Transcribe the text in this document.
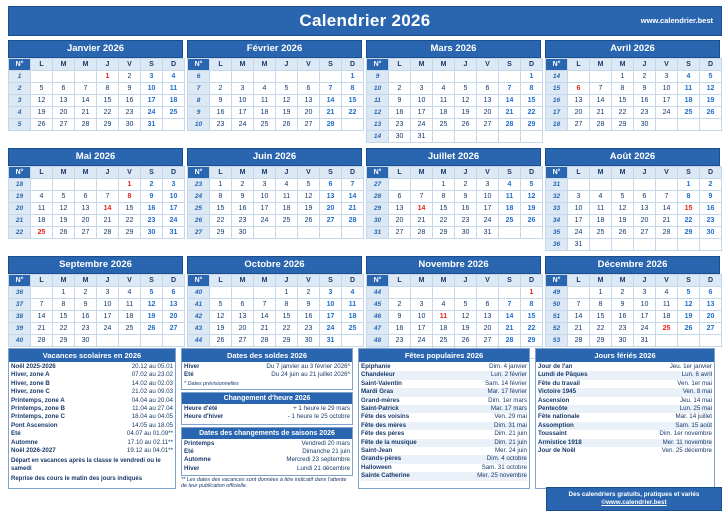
Calendrier 2026	www.calendrier.best
Janvier 2026
N°	L	M	M	J	V	S	D
1				1	2	3	4
2	5	6	7	8	9	10	11
3	12	13	14	15	16	17	18
4	19	20	21	22	23	24	25
5	26	27	28	29	30	31	
Février 2026
N°	L	M	M	J	V	S	D
6							1
7	2	3	4	5	6	7	8
8	9	10	11	12	13	14	15
9	16	17	18	19	20	21	22
10	23	24	25	26	27	28	
Mars 2026
N°	L	M	M	J	V	S	D
9							1
10	2	3	4	5	6	7	8
11	9	10	11	12	13	14	15
12	16	17	18	19	20	21	22
13	23	24	25	26	27	28	29
14	30	31					
Avril 2026
N°	L	M	M	J	V	S	D
14			1	2	3	4	5
15	6	7	8	9	10	11	12
16	13	14	15	16	17	18	19
17	20	21	22	23	24	25	26
18	27	28	29	30			
Mai 2026
N°	L	M	M	J	V	S	D
18					1	2	3
19	4	5	6	7	8	9	10
20	11	12	13	14	15	16	17
21	18	19	20	21	22	23	24
22	25	26	27	28	29	30	31
Juin 2026
N°	L	M	M	J	V	S	D
23	1	2	3	4	5	6	7
24	8	9	10	11	12	13	14
25	15	16	17	18	19	20	21
26	22	23	24	25	26	27	28
27	29	30					
Juillet 2026
N°	L	M	M	J	V	S	D
27			1	2	3	4	5
28	6	7	8	9	10	11	12
29	13	14	15	16	17	18	19
30	20	21	22	23	24	25	26
31	27	28	29	30	31		
Août 2026
N°	L	M	M	J	V	S	D
31						1	2
32	3	4	5	6	7	8	9
33	10	11	12	13	14	15	16
34	17	18	19	20	21	22	23
35	24	25	26	27	28	29	30
36	31						
Septembre 2026
N°	L	M	M	J	V	S	D
36		1	2	3	4	5	6
37	7	8	9	10	11	12	13
38	14	15	16	17	18	19	20
39	21	22	23	24	25	26	27
40	28	29	30				
Octobre 2026
N°	L	M	M	J	V	S	D
40				1	2	3	4
41	5	6	7	8	9	10	11
42	12	13	14	15	16	17	18
43	19	20	21	22	23	24	25
44	26	27	28	29	30	31	
Novembre 2026
N°	L	M	M	J	V	S	D
44							1
45	2	3	4	5	6	7	8
46	9	10	11	12	13	14	15
47	16	17	18	19	20	21	22
48	23	24	25	26	27	28	29

Décembre 2026
N°	L	M	M	J	V	S	D
49		1	2	3	4	5	6
50	7	8	9	10	11	12	13
51	14	15	16	17	18	19	20
52	21	22	23	24	25	26	27
53	28	29	30	31			
Vacances scolaires en 2026
Noël 2025-2026	20.12 au 05.01
Hiver, zone A	07.02 au 23.02
Hiver, zone B	14.02 au 02.03
Hiver, zone C	21.02 au 09.03
Printemps, zone A	04.04 au 20.04
Printemps, zone B	11.04 au 27.04
Printemps, zone C	18.04 au 04.05
Pont Ascension	14.05 au 18.05
Été	04.07 au 01.09**
Automne	17.10 au 02.11**
Noël 2026-2027	19.12 au 04.01**
Départ en vacances après la classe le vendredi ou le samedi
Reprise des cours le matin des jours indiqués
Dates des soldes 2026
Hiver	Du 7 janvier au 3 février 2026*
Été	Du 24 juin au 21 juillet 2026*
* Dates prévisionnelles
Changement d'heure 2026
Heure d'été	+ 1 heure le 29 mars
Heure d'hiver	- 1 heure le 25 octobre
Dates des changements de saisons 2026
Printemps	Vendredi 20 mars
Été	Dimanche 21 juin
Automne	Mercredi 23 septembre
Hiver	Lundi 21 décembre
** Les dates des vacances sont données à titre indicatif dans l'attente de leur publication officielle.
Fêtes populaires 2026
Épiphanie	Dim. 4 janvier
Chandeleur	Lun. 2 février
Saint-Valentin	Sam. 14 février
Mardi Gras	Mar. 17 février
Grand-mères	Dim. 1er mars
Saint-Patrick	Mar. 17 mars
Fête des voisins	Ven. 29 mai
Fête des mères	Dim. 31 mai
Fête des pères	Dim. 21 juin
Fête de la musique	Dim. 21 juin
Saint-Jean	Mer. 24 juin
Grands-pères	Dim. 4 octobre
Halloween	Sam. 31 octobre
Sainte Catherine	Mer. 25 novembre
Jours fériés 2026
Jour de l'an	Jeu. 1er janvier
Lundi de Pâques	Lun. 6 avril
Fête du travail	Ven. 1er mai
Victoire 1945	Ven. 8 mai
Ascension	Jeu. 14 mai
Pentecôte	Lun. 25 mai
Fête nationale	Mar. 14 juillet
Assomption	Sam. 15 août
Toussaint	Dim. 1er novembre
Armistice 1918	Mer. 11 novembre
Jour de Noël	Ven. 25 décembre
Des calendriers gratuits, pratiques et variés
©www.calendrier.best
